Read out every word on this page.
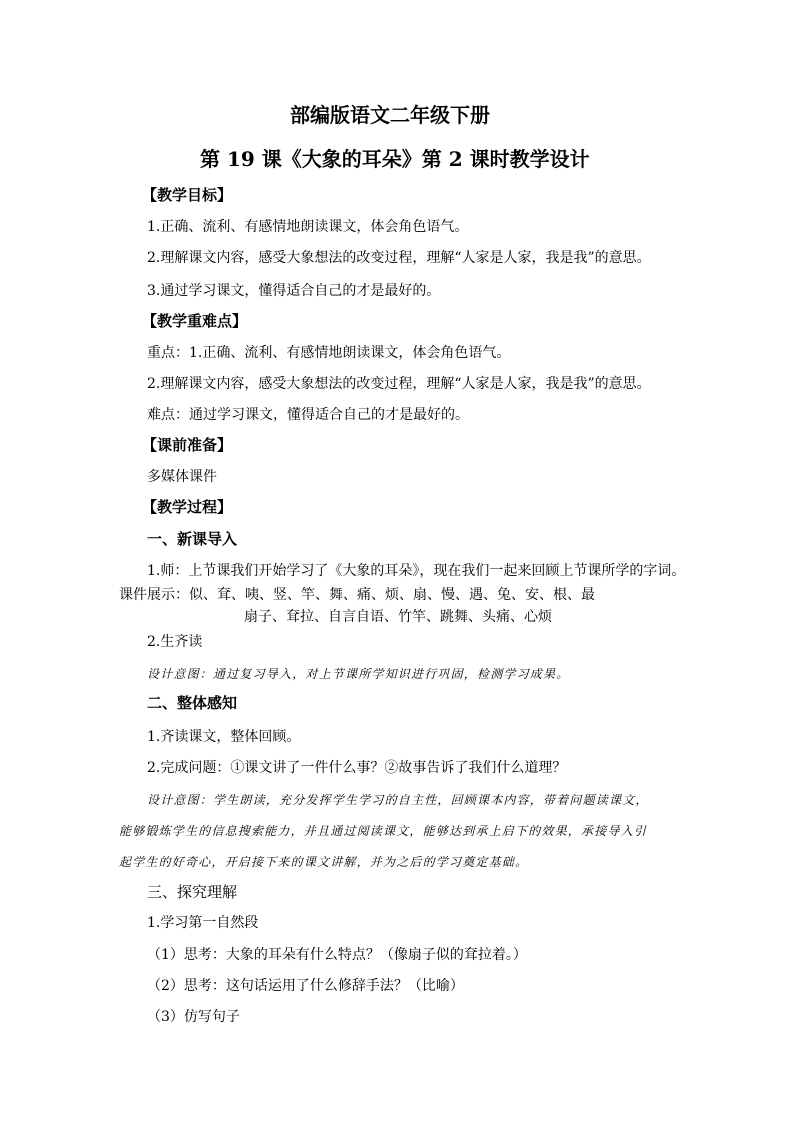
部编版语文二年级下册
第 19 课《大象的耳朵》第 2 课时教学设计
【教学目标】
1.正确、流利、有感情地朗读课文，体会角色语气。
2.理解课文内容，感受大象想法的改变过程，理解“人家是人家，我是我”的意思。
3.通过学习课文，懂得适合自己的才是最好的。
【教学重难点】
重点：1.正确、流利、有感情地朗读课文，体会角色语气。
2.理解课文内容，感受大象想法的改变过程，理解“人家是人家，我是我”的意思。
难点：通过学习课文，懂得适合自己的才是最好的。
【课前准备】
多媒体课件
【教学过程】
一、新课导入
1.师：上节课我们开始学习了《大象的耳朵》，现在我们一起来回顾上节课所学的字词。
课件展示：似、耷、咦、竖、竿、舞、痛、烦、扇、慢、遇、兔、安、根、最
扇子、耷拉、自言自语、竹竿、跳舞、头痛、心烦
2.生齐读
设计意图：通过复习导入，对上节课所学知识进行巩固，检测学习成果。
二、整体感知
1.齐读课文，整体回顾。
2.完成问题：①课文讲了一件什么事？②故事告诉了我们什么道理？
设计意图：学生朗读，充分发挥学生学习的自主性，回顾课本内容，带着问题读课文，
能够锻炼学生的信息搜索能力，并且通过阅读课文，能够达到承上启下的效果，承接导入引
起学生的好奇心，开启接下来的课文讲解，并为之后的学习奠定基础。
三、探究理解
1.学习第一自然段
（1）思考：大象的耳朵有什么特点？（像扇子似的耷拉着。）
（2）思考：这句话运用了什么修辞手法？（比喻）
（3）仿写句子
